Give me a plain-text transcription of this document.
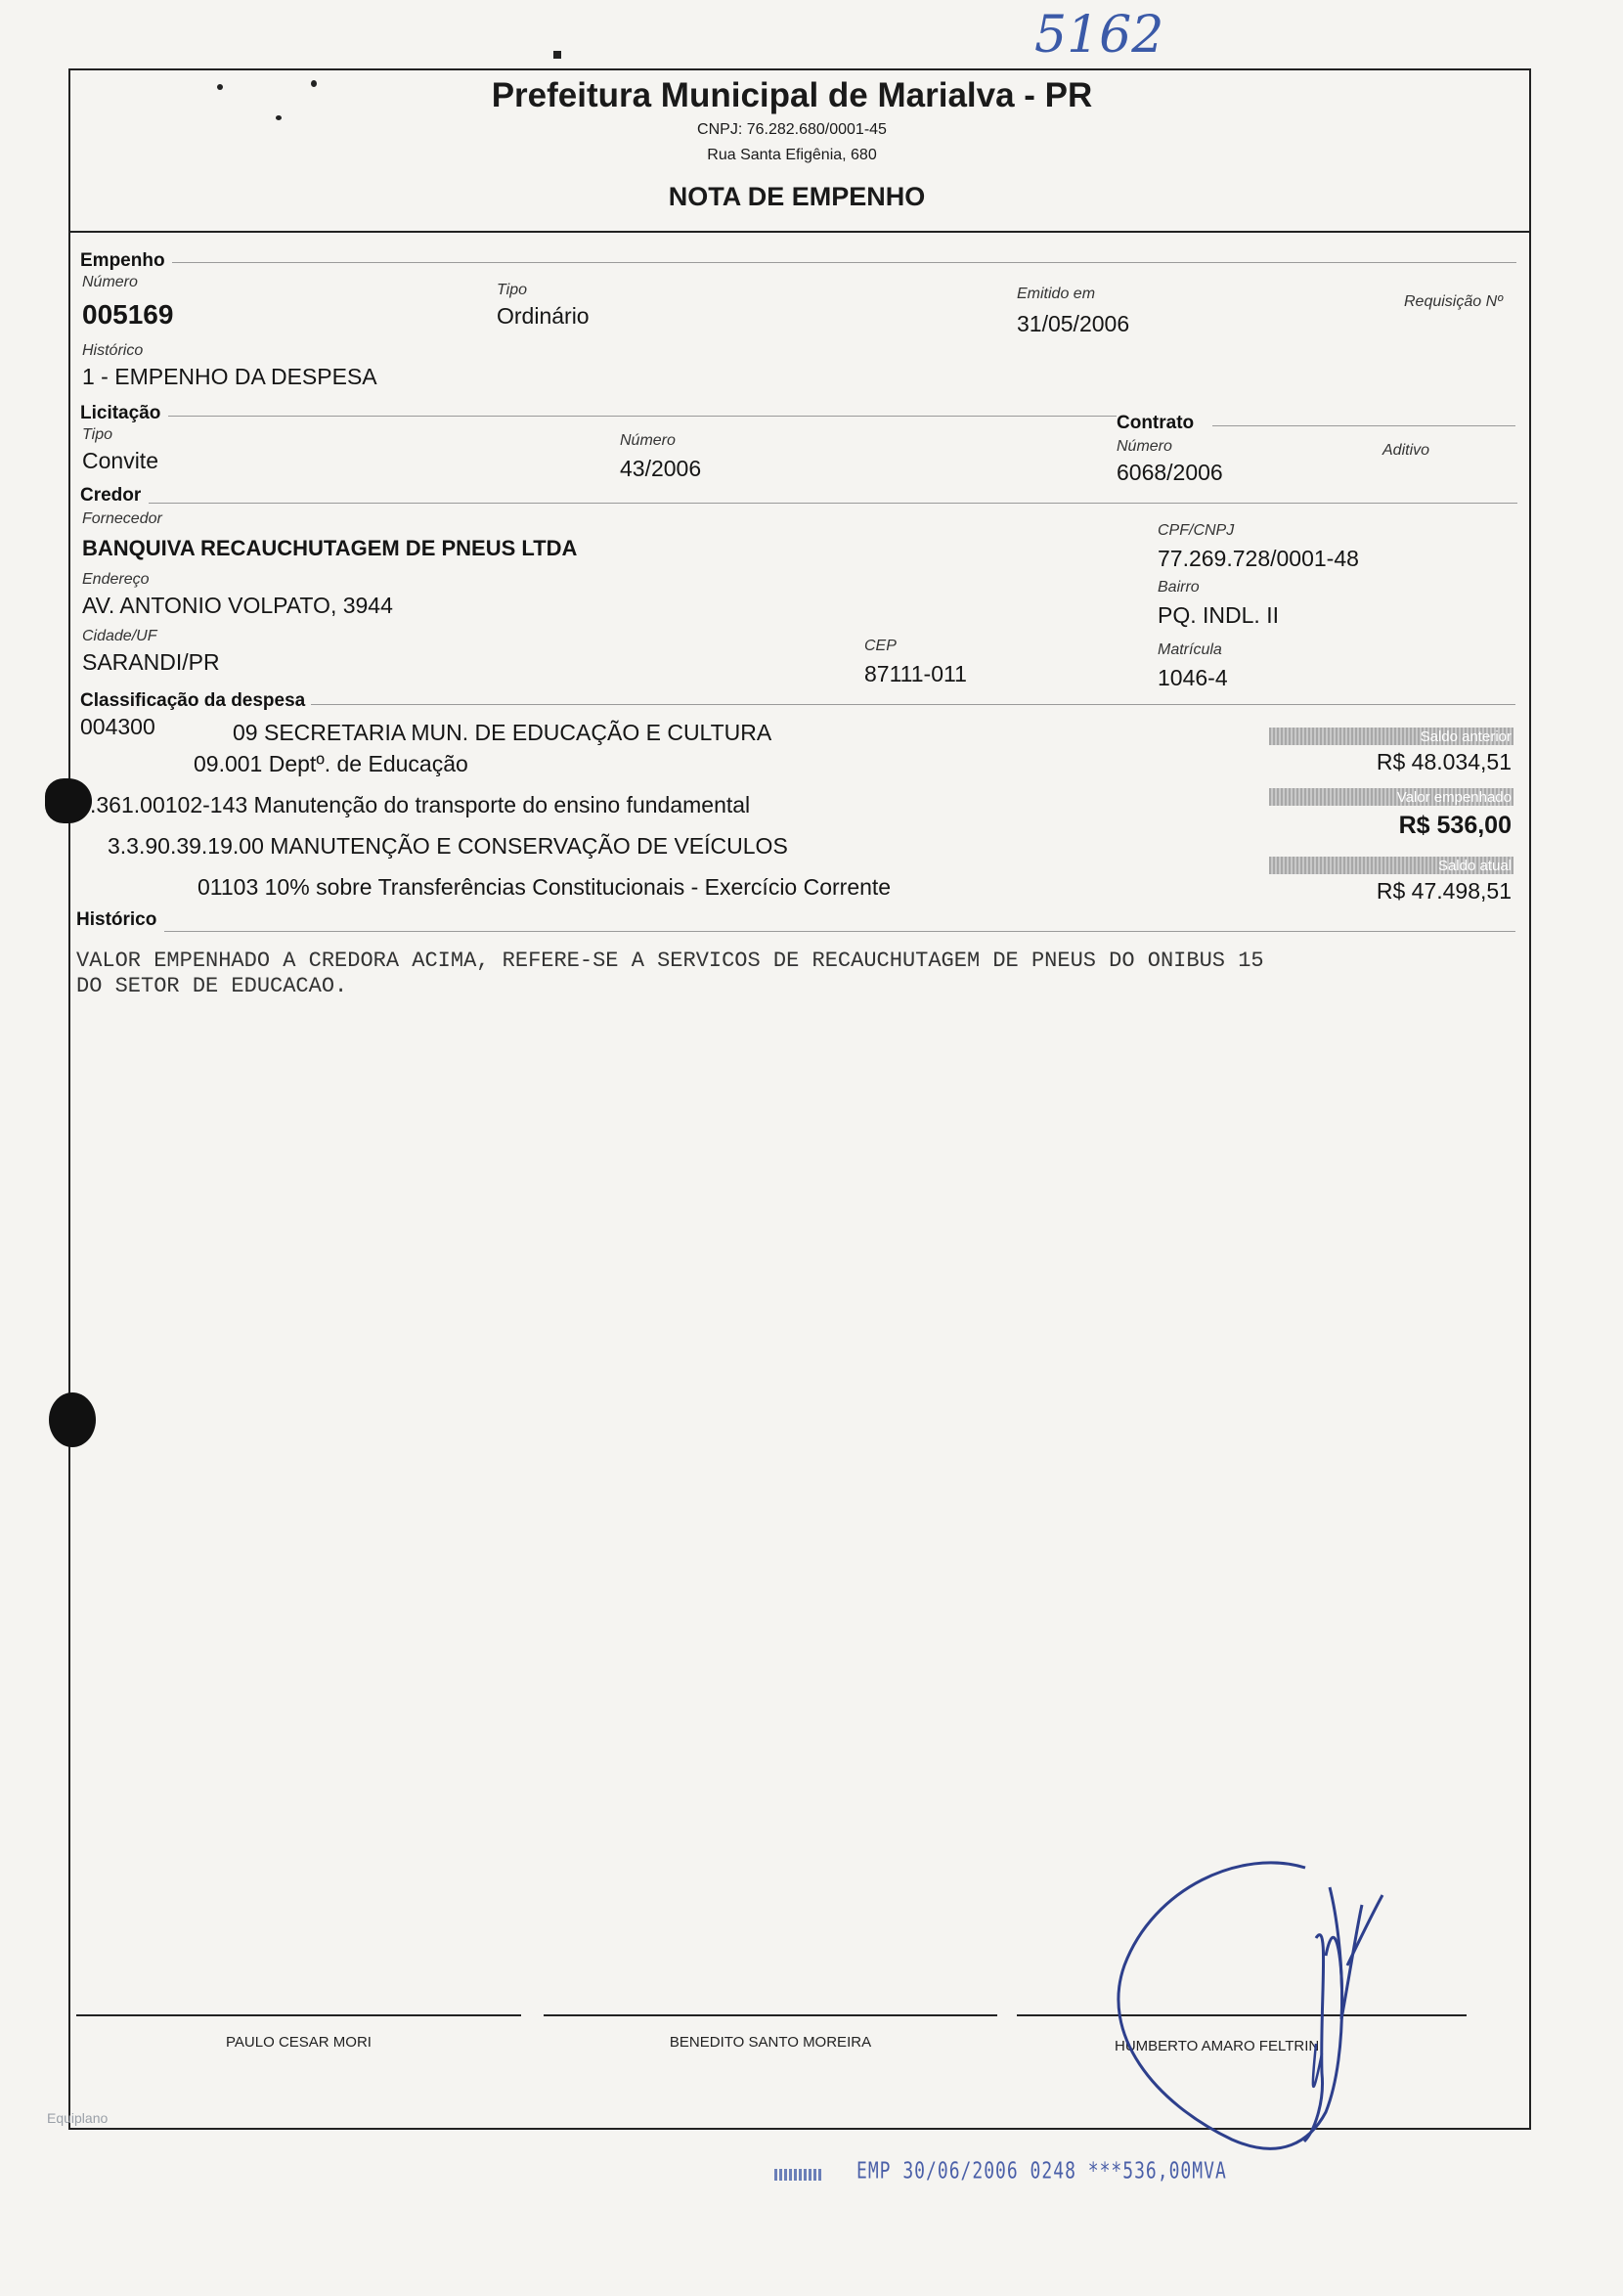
5162
Prefeitura Municipal de Marialva - PR
CNPJ: 76.282.680/0001-45
Rua Santa Efigênia, 680
NOTA DE EMPENHO
Empenho
Número
005169
Tipo
Ordinário
Emitido em
31/05/2006
Requisição Nº
Histórico
1 - EMPENHO DA DESPESA
Licitação
Tipo
Convite
Número
43/2006
Contrato
Número
6068/2006
Aditivo
Credor
Fornecedor
BANQUIVA RECAUCHUTAGEM DE PNEUS LTDA
CPF/CNPJ
77.269.728/0001-48
Endereço
AV. ANTONIO VOLPATO, 3944
Bairro
PQ. INDL. II
Cidade/UF
SARANDI/PR
CEP
87111-011
Matrícula
1046-4
Classificação da despesa
004300	09 SECRETARIA MUN. DE EDUCAÇÃO E CULTURA
09.001 Deptº. de Educação
.361.00102-143 Manutenção do transporte do ensino fundamental
3.3.90.39.19.00 MANUTENÇÃO E CONSERVAÇÃO DE VEÍCULOS
01103 10% sobre Transferências Constitucionais - Exercício Corrente
Saldo anterior
R$ 48.034,51
Valor empenhado
R$ 536,00
Saldo atual
R$ 47.498,51
Histórico
VALOR EMPENHADO A CREDORA ACIMA, REFERE-SE A SERVICOS DE RECAUCHUTAGEM DE PNEUS DO ONIBUS 15
DO SETOR DE EDUCACAO.
PAULO CESAR MORI	BENEDITO SANTO MOREIRA	HUMBERTO AMARO FELTRIN
Equiplano
EMP 30/06/2006 0248 ***536,00MVA
